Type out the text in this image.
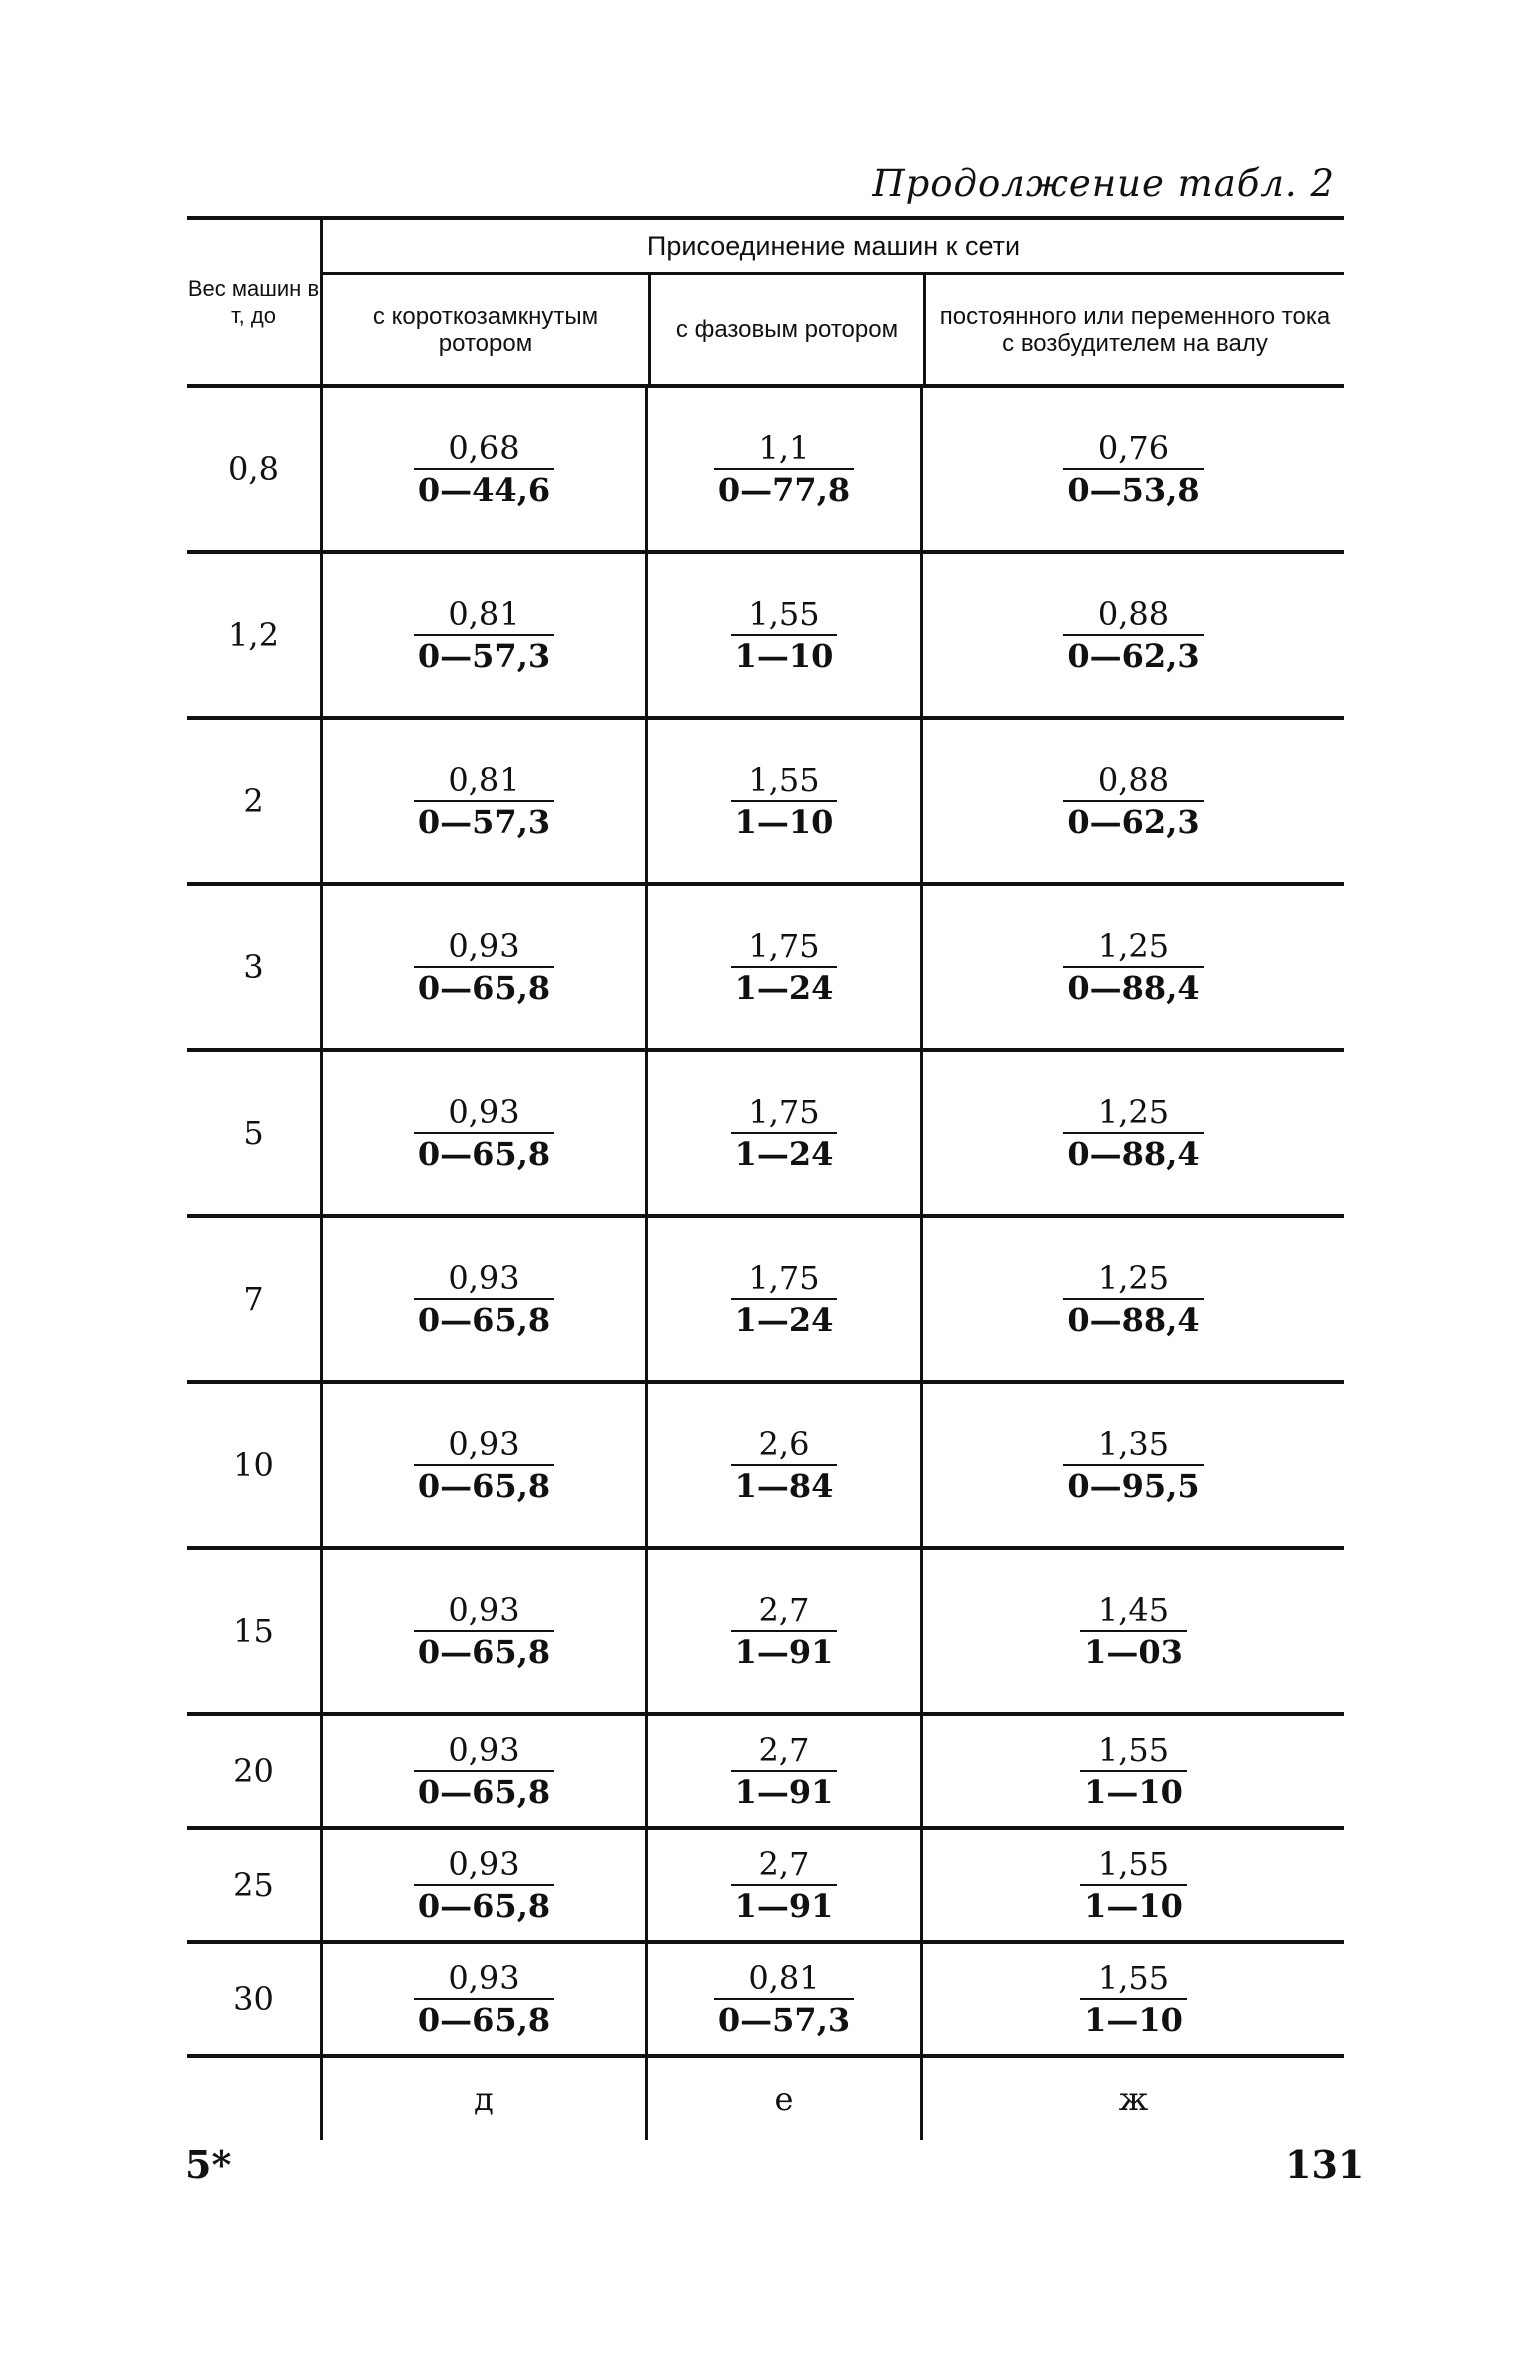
Продолжение табл. 2
Вес машин в т, до
Присоединение машин к сети
с короткозамкнутым ротором	с фазовым ротором	постоянного или переменного тока с возбудителем на валу
0,8	$\frac{0,68}{0—44,6}$	$\frac{1,1}{0—77,8}$	$\frac{0,76}{0—53,8}$
1,2	$\frac{0,81}{0—57,3}$	$\frac{1,55}{1—10}$	$\frac{0,88}{0—62,3}$
2	$\frac{0,81}{0—57,3}$	$\frac{1,55}{1—10}$	$\frac{0,88}{0—62,3}$
3	$\frac{0,93}{0—65,8}$	$\frac{1,75}{1—24}$	$\frac{1,25}{0—88,4}$
5	$\frac{0,93}{0—65,8}$	$\frac{1,75}{1—24}$	$\frac{1,25}{0—88,4}$
7	$\frac{0,93}{0—65,8}$	$\frac{1,75}{1—24}$	$\frac{1,25}{0—88,4}$
10	$\frac{0,93}{0—65,8}$	$\frac{2,6}{1—84}$	$\frac{1,35}{0—95,5}$
15	$\frac{0,93}{0—65,8}$	$\frac{2,7}{1—91}$	$\frac{1,45}{1—03}$
20	$\frac{0,93}{0—65,8}$	$\frac{2,7}{1—91}$	$\frac{1,55}{1—10}$
25	$\frac{0,93}{0—65,8}$	$\frac{2,7}{1—91}$	$\frac{1,55}{1—10}$
30	$\frac{0,93}{0—65,8}$	$\frac{0,81}{0—57,3}$	$\frac{1,55}{1—10}$
д	е	ж
5*	131
